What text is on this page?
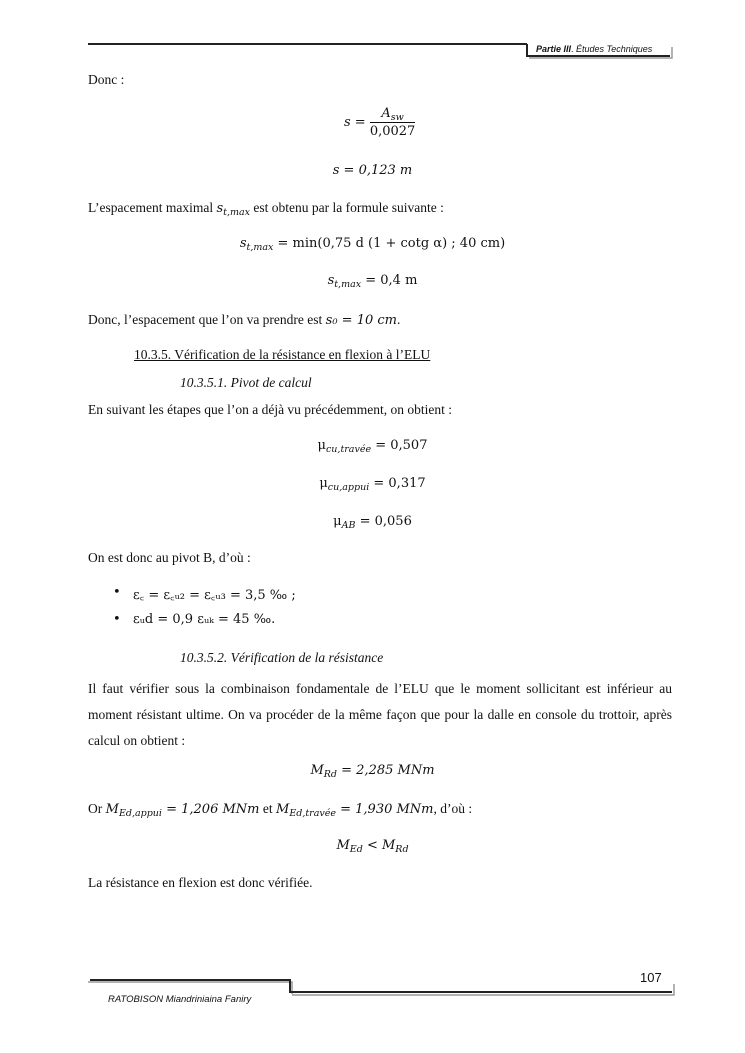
Partie III. Études Techniques
Donc :
$s = \frac{A_{sw}}{0,0027}$
s = 0,123 m
L’espacement maximal $s_{t,max}$ est obtenu par la formule suivante :
$s_{t,max} = \min(0,75$ d (1 + cotg α) ; 40 cm)
$s_{t,max} = 0,4$ m
Donc, l’espacement que l’on va prendre est s₀ = 10 cm.
10.3.5. Vérification de la résistance en flexion à l’ELU
10.3.5.1. Pivot de calcul
En suivant les étapes que l’on a déjà vu précédemment, on obtient :
$\mu_{cu,travée} = 0,507$
$\mu_{cu,appui} = 0,317$
$\mu_{AB} = 0,056$
On est donc au pivot B, d’où :
• ε꜀ = ε꜀ᵤ₂ = ε꜀ᵤ₃ = 3,5 ‰ ;
• εᵤd = 0,9 εᵤₖ = 45 ‰.
10.3.5.2. Vérification de la résistance
Il faut vérifier sous la combinaison fondamentale de l’ELU que le moment sollicitant est inférieur au moment résistant ultime. On va procéder de la même façon que pour la dalle en console du trottoir, après calcul on obtient :
$M_{Rd} = 2,285$ MNm
Or $M_{Ed,appui} = 1,206$ MNm et $M_{Ed,travée} = 1,930$ MNm, d’où :
$M_{Ed} < M_{Rd}$
La résistance en flexion est donc vérifiée.
107
RATOBISON Miandriniaina Faniry
